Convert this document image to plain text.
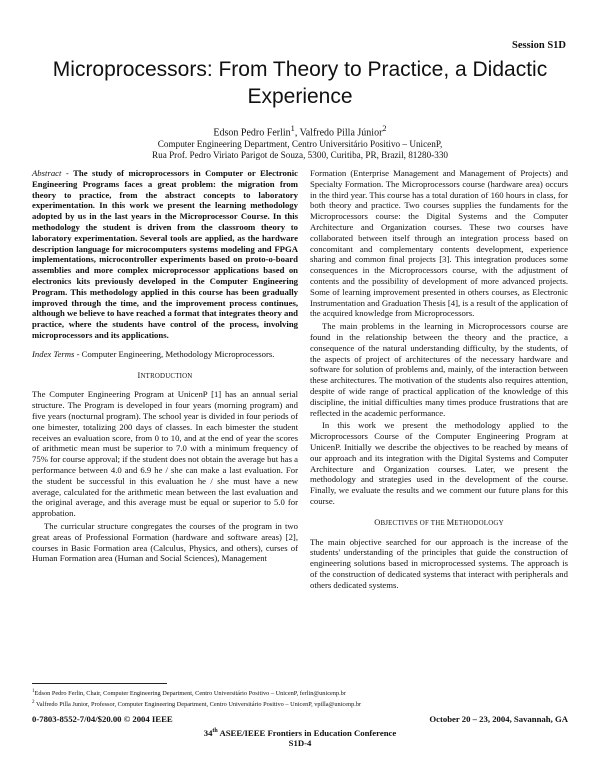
Session S1D
Microprocessors: From Theory to Practice, a Didactic Experience
Edson Pedro Ferlin$^1$, Valfredo Pilla Júnior$^2$
Computer Engineering Department, Centro Universitário Positivo – UnicenP,
Rua Prof. Pedro Viriato Parigot de Souza, 5300, Curitiba, PR, Brazil, 81280-330

Abstract - The study of microprocessors in Computer or Electronic Engineering Programs faces a great problem: the migration from theory to practice, from the abstract concepts to laboratory experimentation. In this work we present the learning methodology adopted by us in the last years in the Microprocessor Course. In this methodology the student is driven from the classroom theory to laboratory experimentation. Several tools are applied, as the hardware description language for microcomputers systems modeling and FPGA implementations, microcontroller experiments based on proto-o-board assemblies and more complex microprocessor applications based on electronics kits previously developed in the Computer Engineering Program. This methodology applied in this course has been gradually improved through the time, and the improvement process continues, although we believe to have reached a format that integrates theory and practice, where the students have control of the process, involving microprocessors and its applications.

Index Terms - Computer Engineering, Methodology Microprocessors.

INTRODUCTION

The Computer Engineering Program at UnicenP [1] has an annual serial structure. The Program is developed in four years (morning program) and five years (nocturnal program). The school year is divided in four periods of one bimester, totalizing 200 days of classes. In each bimester the student receives an evaluation score, from 0 to 10, and at the end of year the scores of arithmetic mean must be superior to 7.0 with a minimum frequency of 75% for course approval; if the student does not obtain the average but has a performance between 4.0 and 6.9 he / she can make a last evaluation. For the student be successful in this evaluation he / she must have a new average, calculated for the arithmetic mean between the last evaluation and the original average, and this average must be equal or superior to 5.0 for approbation.

The curricular structure congregates the courses of the program in two great areas of Professional Formation (hardware and software areas) [2], courses in Basic Formation area (Calculus, Physics, and others), curses of Human Formation area (Human and Social Sciences), Management

Formation (Enterprise Management and Management of Projects) and Specialty Formation. The Microprocessors course (hardware area) occurs in the third year. This course has a total duration of 160 hours in class, for both theory and practice. Two courses supplies the fundaments for the Microprocessors course: the Digital Systems and the Computer Architecture and Organization courses. These two courses have collaborated between itself through an integration process based on concomitant and complementary contents development, experience sharing and common final projects [3]. This integration produces some consequences in the Microprocessors course, with the adjustment of contents and the possibility of development of more advanced projects. Some of learning improvement presented in others courses, as Electronic Instrumentation and Graduation Thesis [4], is a result of the application of the acquired knowledge from Microprocessors.

The main problems in the learning in Microprocessors course are found in the relationship between the theory and the practice, a consequence of the natural understanding difficulty, by the students, of the aspects of project of architectures of the necessary hardware and software for solution of problems and, mainly, of the interaction between these architectures. The motivation of the students also requires attention, despite of wide range of practical application of the knowledge of this discipline, the initial difficulties many times produce frustrations that are reflected in the academic performance.

In this work we present the methodology applied to the Microprocessors Course of the Computer Engineering Program at UnicenP. Initially we describe the objectives to be reached by means of our approach and its integration with the Digital Systems and Computer Architecture and Organization courses. Later, we present the methodology and strategies used in the development of the course. Finally, we evaluate the results and we comment our future plans for this course.

OBJECTIVES OF THE METHODOLOGY

The main objective searched for our approach is the increase of the students' understanding of the principles that guide the construction of engineering solutions based in microprocessed systems. The approach is of the construction of dedicated systems that interact with peripherals and others dedicated systems.

$^1$Edson Pedro Ferlin, Chair, Computer Engineering Department, Centro Universitário Positivo – UnicenP, ferlin@unicenp.br
$^2$ Valfredo Pilla Junior, Professor, Computer Engineering Department, Centro Universitário Positivo – UnicenP, vpilla@unicenp.br
0-7803-8552-7/04/$20.00 © 2004 IEEE	October 20 – 23, 2004, Savannah, GA
34th ASEE/IEEE Frontiers in Education Conference
S1D-4
